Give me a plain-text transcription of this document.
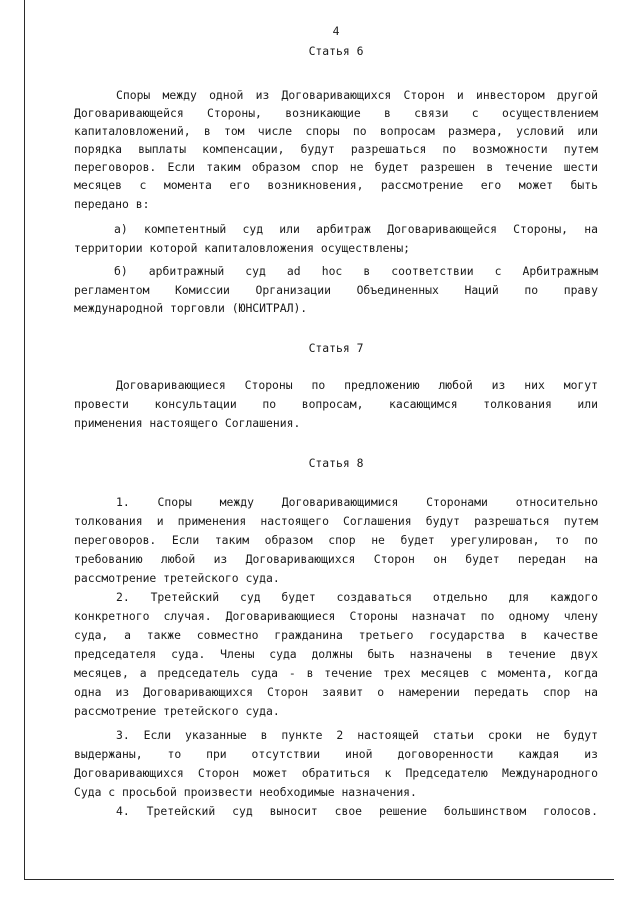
4
Статья 6
Споры между одной из Договаривающихся Сторон и инвестором другой
Договаривающейся Стороны, возникающие в связи с осуществлением
капиталовложений, в том числе споры по вопросам размера, условий или
порядка выплаты компенсации, будут разрешаться по возможности путем
переговоров. Если таким образом спор не будет разрешен в течение шести
месяцев с момента его возникновения, рассмотрение его может быть
передано в:
а) компетентный суд или арбитраж Договаривающейся Стороны, на
территории которой капиталовложения осуществлены;
б) арбитражный суд ad hoc в соответствии с Арбитражным
регламентом Комиссии Организации Объединенных Наций по праву
международной торговли (ЮНСИТРАЛ).
Статья 7
Договаривающиеся Стороны по предложению любой из них могут
провести консультации по вопросам, касающимся толкования или
применения настоящего Соглашения.
Статья 8
1. Споры между Договаривающимися Сторонами относительно
толкования и применения настоящего Соглашения будут разрешаться путем
переговоров. Если таким образом спор не будет урегулирован, то по
требованию любой из Договаривающихся Сторон он будет передан на
рассмотрение третейского суда.
2. Третейский суд будет создаваться отдельно для каждого
конкретного случая. Договаривающиеся Стороны назначат по одному члену
суда, а также совместно гражданина третьего государства в качестве
председателя суда. Члены суда должны быть назначены в течение двух
месяцев, а председатель суда - в течение трех месяцев с момента, когда
одна из Договаривающихся Сторон заявит о намерении передать спор на
рассмотрение третейского суда.
3. Если указанные в пункте 2 настоящей статьи сроки не будут
выдержаны, то при отсутствии иной договоренности каждая из
Договаривающихся Сторон может обратиться к Председателю Международного
Суда с просьбой произвести необходимые назначения.
4. Третейский суд выносит свое решение большинством голосов.
